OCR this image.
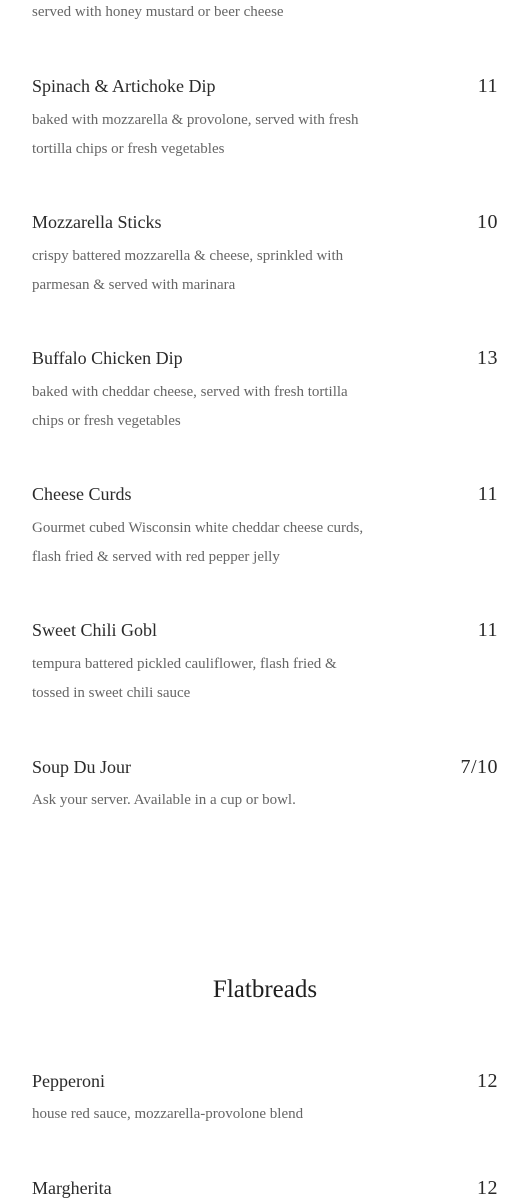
served with honey mustard or beer cheese
Spinach & Artichoke Dip	11
baked with mozzarella & provolone, served with fresh tortilla chips or fresh vegetables
Mozzarella Sticks	10
crispy battered mozzarella & cheese, sprinkled with parmesan & served with marinara
Buffalo Chicken Dip	13
baked with cheddar cheese, served with fresh tortilla chips or fresh vegetables
Cheese Curds	11
Gourmet cubed Wisconsin white cheddar cheese curds, flash fried & served with red pepper jelly
Sweet Chili Gobl	11
tempura battered pickled cauliflower, flash fried & tossed in sweet chili sauce
Soup Du Jour	7/10
Ask your server. Available in a cup or bowl.
Flatbreads
Pepperoni	12
house red sauce, mozzarella-provolone blend
Margherita	12
